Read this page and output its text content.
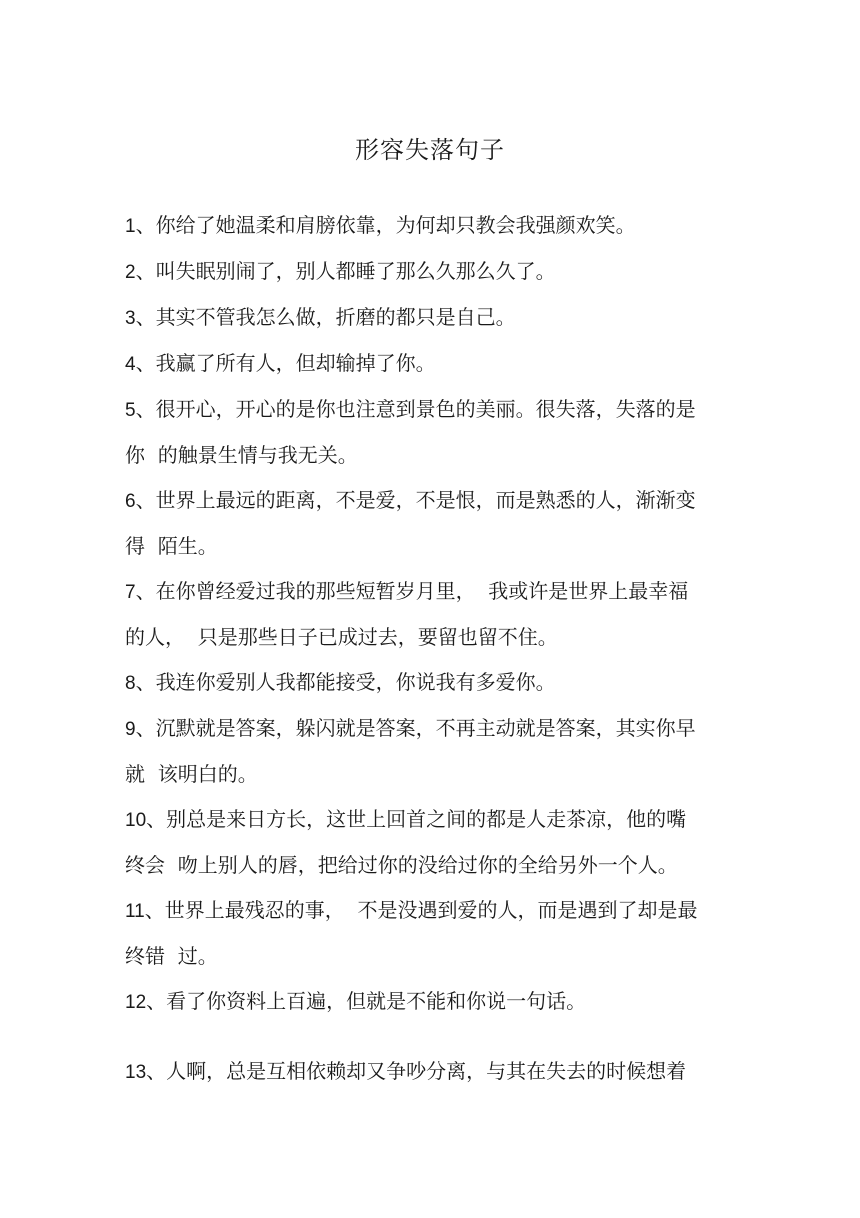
形容失落句子
1、你给了她温柔和肩膀依靠，为何却只教会我强颜欢笑。
2、叫失眠别闹了，别人都睡了那么久那么久了。
3、其实不管我怎么做，折磨的都只是自己。
4、我赢了所有人，但却输掉了你。
5、很开心，开心的是你也注意到景色的美丽。很失落，失落的是
你  的触景生情与我无关。
6、世界上最远的距离，不是爱，不是恨，而是熟悉的人，渐渐变
得  陌生。
7、在你曾经爱过我的那些短暂岁月里，  我或许是世界上最幸福
的人，  只是那些日子已成过去，要留也留不住。
8、我连你爱别人我都能接受，你说我有多爱你。
9、沉默就是答案，躲闪就是答案，不再主动就是答案，其实你早
就  该明白的。
10、别总是来日方长，这世上回首之间的都是人走茶凉，他的嘴
终会  吻上别人的唇，把给过你的没给过你的全给另外一个人。
11、世界上最残忍的事，  不是没遇到爱的人，而是遇到了却是最
终错  过。
12、看了你资料上百遍，但就是不能和你说一句话。
13、人啊，总是互相依赖却又争吵分离，与其在失去的时候想着
